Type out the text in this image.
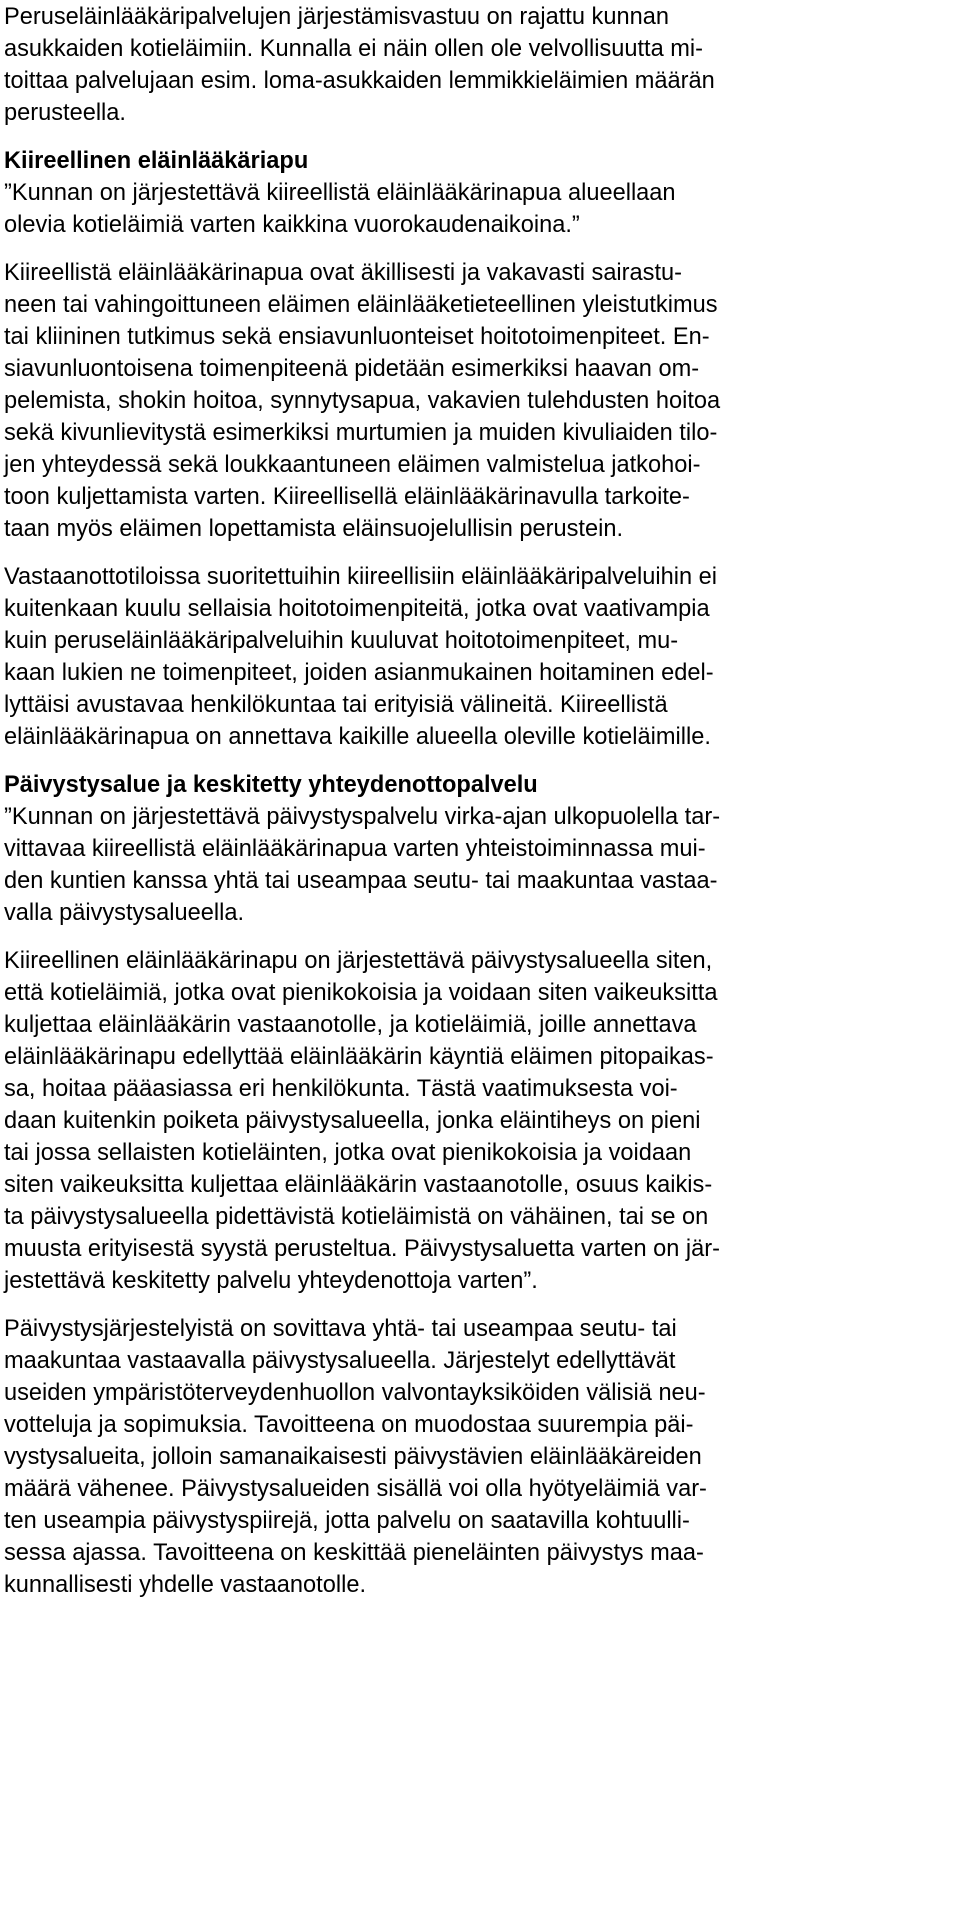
Peruseläinlääkäripalvelujen järjestämisvastuu on rajattu kunnan
asukkaiden kotieläimiin. Kunnalla ei näin ollen ole velvollisuutta mi-
toittaa palvelujaan esim. loma-asukkaiden lemmikkieläimien määrän
perusteella.
Kiireellinen eläinlääkäriapu
”Kunnan on järjestettävä kiireellistä eläinlääkärinapua alueellaan
olevia kotieläimiä varten kaikkina vuorokaudenaikoina.”
Kiireellistä eläinlääkärinapua ovat äkillisesti ja vakavasti sairastu-
neen tai vahingoittuneen eläimen eläinlääketieteellinen yleistutkimus
tai kliininen tutkimus sekä ensiavunluonteiset hoitotoimenpiteet. En-
siavunluontoisena toimenpiteenä pidetään esimerkiksi haavan om-
pelemista, shokin hoitoa, synnytysapua, vakavien tulehdusten hoitoa
sekä kivunlievitystä esimerkiksi murtumien ja muiden kivuliaiden tilo-
jen yhteydessä sekä loukkaantuneen eläimen valmistelua jatkohoi-
toon kuljettamista varten. Kiireellisellä eläinlääkärinavulla tarkoite-
taan myös eläimen lopettamista eläinsuojelullisin perustein.
Vastaanottotiloissa suoritettuihin kiireellisiin eläinlääkäripalveluihin ei
kuitenkaan kuulu sellaisia hoitotoimenpiteitä, jotka ovat vaativampia
kuin peruseläinlääkäripalveluihin kuuluvat hoitotoimenpiteet, mu-
kaan lukien ne toimenpiteet, joiden asianmukainen hoitaminen edel-
lyttäisi avustavaa henkilökuntaa tai erityisiä välineitä. Kiireellistä
eläinlääkärinapua on annettava kaikille alueella oleville kotieläimille.
Päivystysalue ja keskitetty yhteydenottopalvelu
”Kunnan on järjestettävä päivystyspalvelu virka-ajan ulkopuolella tar-
vittavaa kiireellistä eläinlääkärinapua varten yhteistoiminnassa mui-
den kuntien kanssa yhtä tai useampaa seutu- tai maakuntaa vastaa-
valla päivystysalueella.
Kiireellinen eläinlääkärinapu on järjestettävä päivystysalueella siten,
että kotieläimiä, jotka ovat pienikokoisia ja voidaan siten vaikeuksitta
kuljettaa eläinlääkärin vastaanotolle, ja kotieläimiä, joille annettava
eläinlääkärinapu edellyttää eläinlääkärin käyntiä eläimen pitopaikas-
sa, hoitaa pääasiassa eri henkilökunta. Tästä vaatimuksesta voi-
daan kuitenkin poiketa päivystysalueella, jonka eläintiheys on pieni
tai jossa sellaisten kotieläinten, jotka ovat pienikokoisia ja voidaan
siten vaikeuksitta kuljettaa eläinlääkärin vastaanotolle, osuus kaikis-
ta päivystysalueella pidettävistä kotieläimistä on vähäinen, tai se on
muusta erityisestä syystä perusteltua. Päivystysaluetta varten on jär-
jestettävä keskitetty palvelu yhteydenottoja varten”.
Päivystysjärjestelyistä on sovittava yhtä- tai useampaa seutu- tai
maakuntaa vastaavalla päivystysalueella. Järjestelyt edellyttävät
useiden ympäristöterveydenhuollon valvontayksiköiden välisiä neu-
votteluja ja sopimuksia. Tavoitteena on muodostaa suurempia päi-
vystysalueita, jolloin samanaikaisesti päivystävien eläinlääkäreiden
määrä vähenee. Päivystysalueiden sisällä voi olla hyötyeläimiä var-
ten useampia päivystyspiirejä, jotta palvelu on saatavilla kohtuulli-
sessa ajassa. Tavoitteena on keskittää pieneläinten päivystys maa-
kunnallisesti yhdelle vastaanotolle.
